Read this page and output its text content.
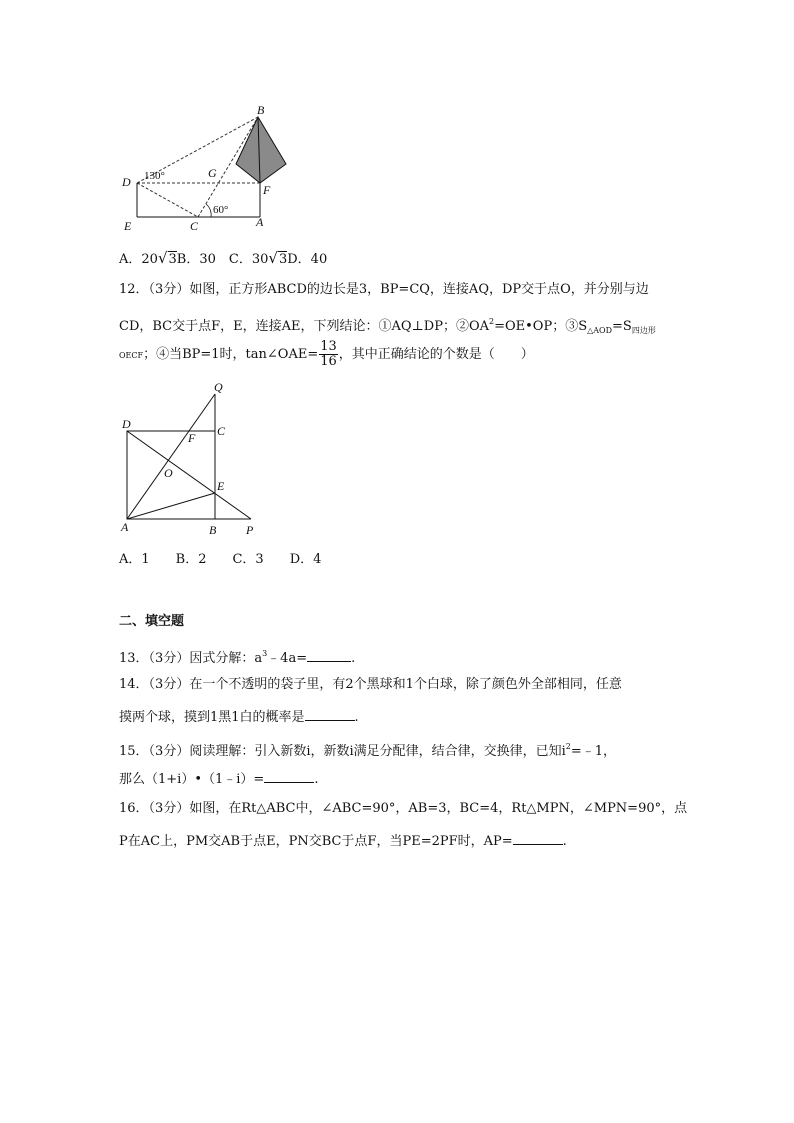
B
D
G
F
E	C	A
130°
60°
A．20√3B．30　 C．30√3D．40
12．（3分）如图，正方形ABCD的边长是3，BP=CQ，连接AQ，DP交于点O，并分别与边
CD，BC交于点F，E，连接AE，下列结论：①AQ⊥DP；$②OA^2=OE•OP$；$③S_{\triangle AOD}=S_{四边形}$
OECF；④当BP=1时，tan∠OAE= $\frac{13}{16}$ ，其中正确结论的个数是（　　）
Q
D	C
F
O
E
A	B P
A．1　　B．2　　C．3　　D．4
二、填空题
13．（3分）因式分解：$a^3﹣4a=$	.
14．（3分）在一个不透明的袋子里，有2个黑球和1个白球，除了颜色外全部相同，任意
摸两个球，摸到1黑1白的概率是	.
15．（3分）阅读理解：引入新数i，新数i满足分配律，结合律，交换律，已知$i^2=﹣1$，
那么（1+i）•（1﹣i）=	.
16．（3分）如图，在Rt△ABC中，∠ABC=90°，AB=3，BC=4，Rt△MPN，∠MPN=90°，点
P在AC上，PM交AB于点E，PN交BC于点F，当PE=2PF时，AP=	.
